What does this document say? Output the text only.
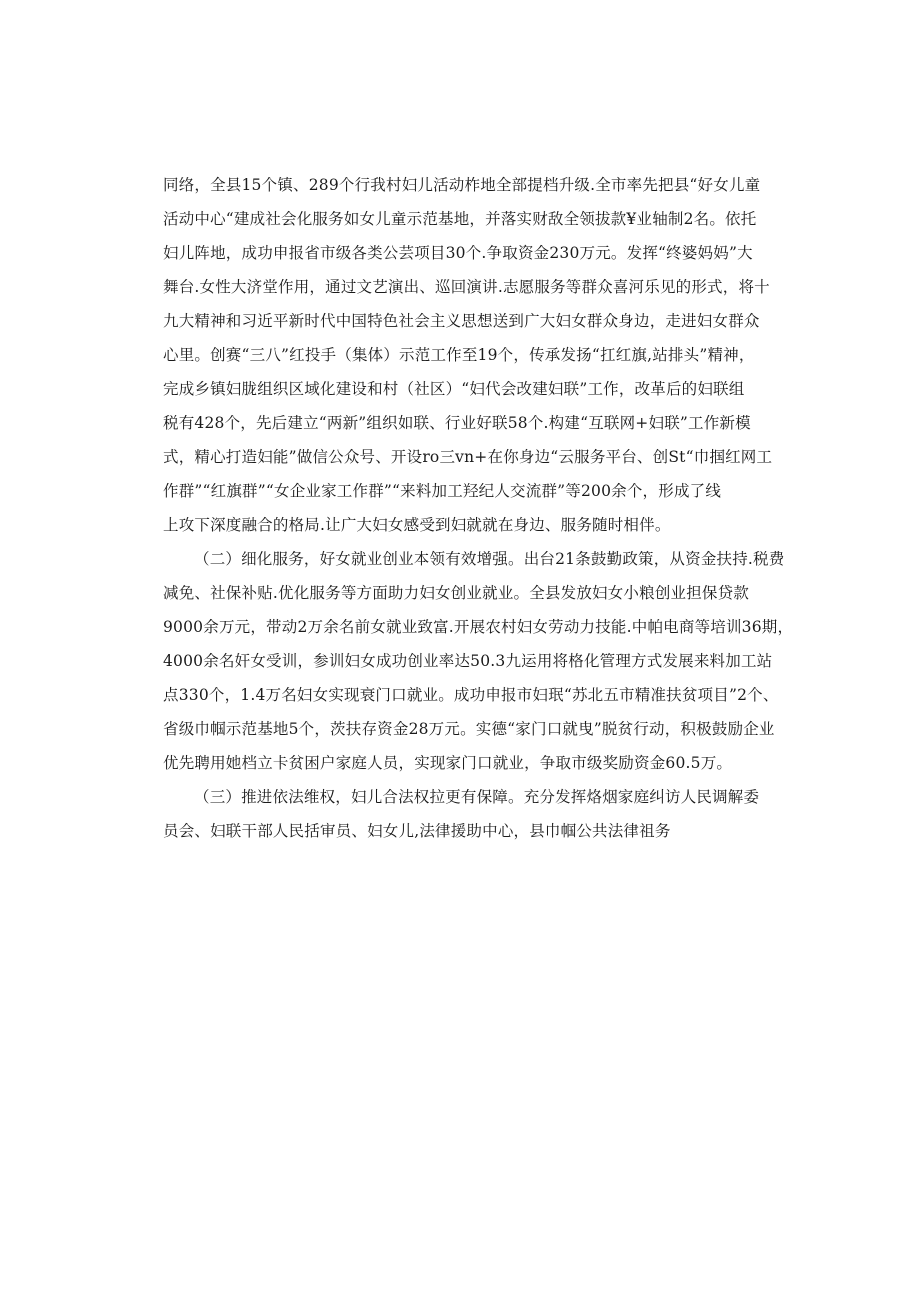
同络，全县15个镇、289个行我村妇儿活动柞地全部提档升级.全市率先把县“好女儿童
活动中心“建成社会化服务如女儿童示范基地，并落实财敌全领拔款¥业轴制2名。依托
妇儿阵地，成功申报省市级各类公芸项目30个.争取资金230万元。发挥“终婆妈妈”大
舞台.女性大济堂作用，通过文艺演出、巡回演讲.志愿服务等群众喜河乐见的形式，将十
九大精神和习近平新时代中国特色社会主义思想送到广大妇女群众身边，走进妇女群众
心里。创赛“三八”红投手（集体）示范工作至19个，传承发扬“扛红旗,站排头”精神，
完成乡镇妇胧组织区域化建设和村（社区）“妇代会改建妇联”工作，改革后的妇联组
税有428个，先后建立“两新”组织如联、行业好联58个.构建“互联网+妇联”工作新模
式，精心打造妇能”做信公众号、开设ro三vn+在你身边“云服务平台、创St“巾掴红网工
作群”“红旗群”“女企业家工作群”“来料加工羟纪人交流群”等200余个，形成了线
上攻下深度融合的格局.让广大妇女感受到妇就就在身边、服务随时相伴。
（二）细化服务，好女就业创业本领有效增强。出台21条鼓勤政策，从资金扶持.税费
减免、社保补贴.优化服务等方面助力妇女创业就业。全县发放妇女小粮创业担保贷款
9000余万元，带动2万余名前女就业致富.开展农村妇女劳动力技能.中帕电商等培训36期，
4000余名奸女受训，参训妇女成功创业率达50.3九运用将格化管理方式发展来料加工站
点330个，1.4万名妇女实现衰门口就业。成功申报市妇珉“苏北五市精准扶贫项目”2个、
省级巾帼示范基地5个，茨扶存资金28万元。实德“家门口就曳”脱贫行动，积极鼓励企业
优先聘用她档立卡贫困户家庭人员，实现家门口就业，争取市级奖励资金60.5万。
（三）推进依法维权，妇儿合法权拉更有保障。充分发挥烙烟家庭纠访人民调解委
员会、妇联干部人民括审员、妇女儿,法律援助中心，县巾帼公共法律祖务
